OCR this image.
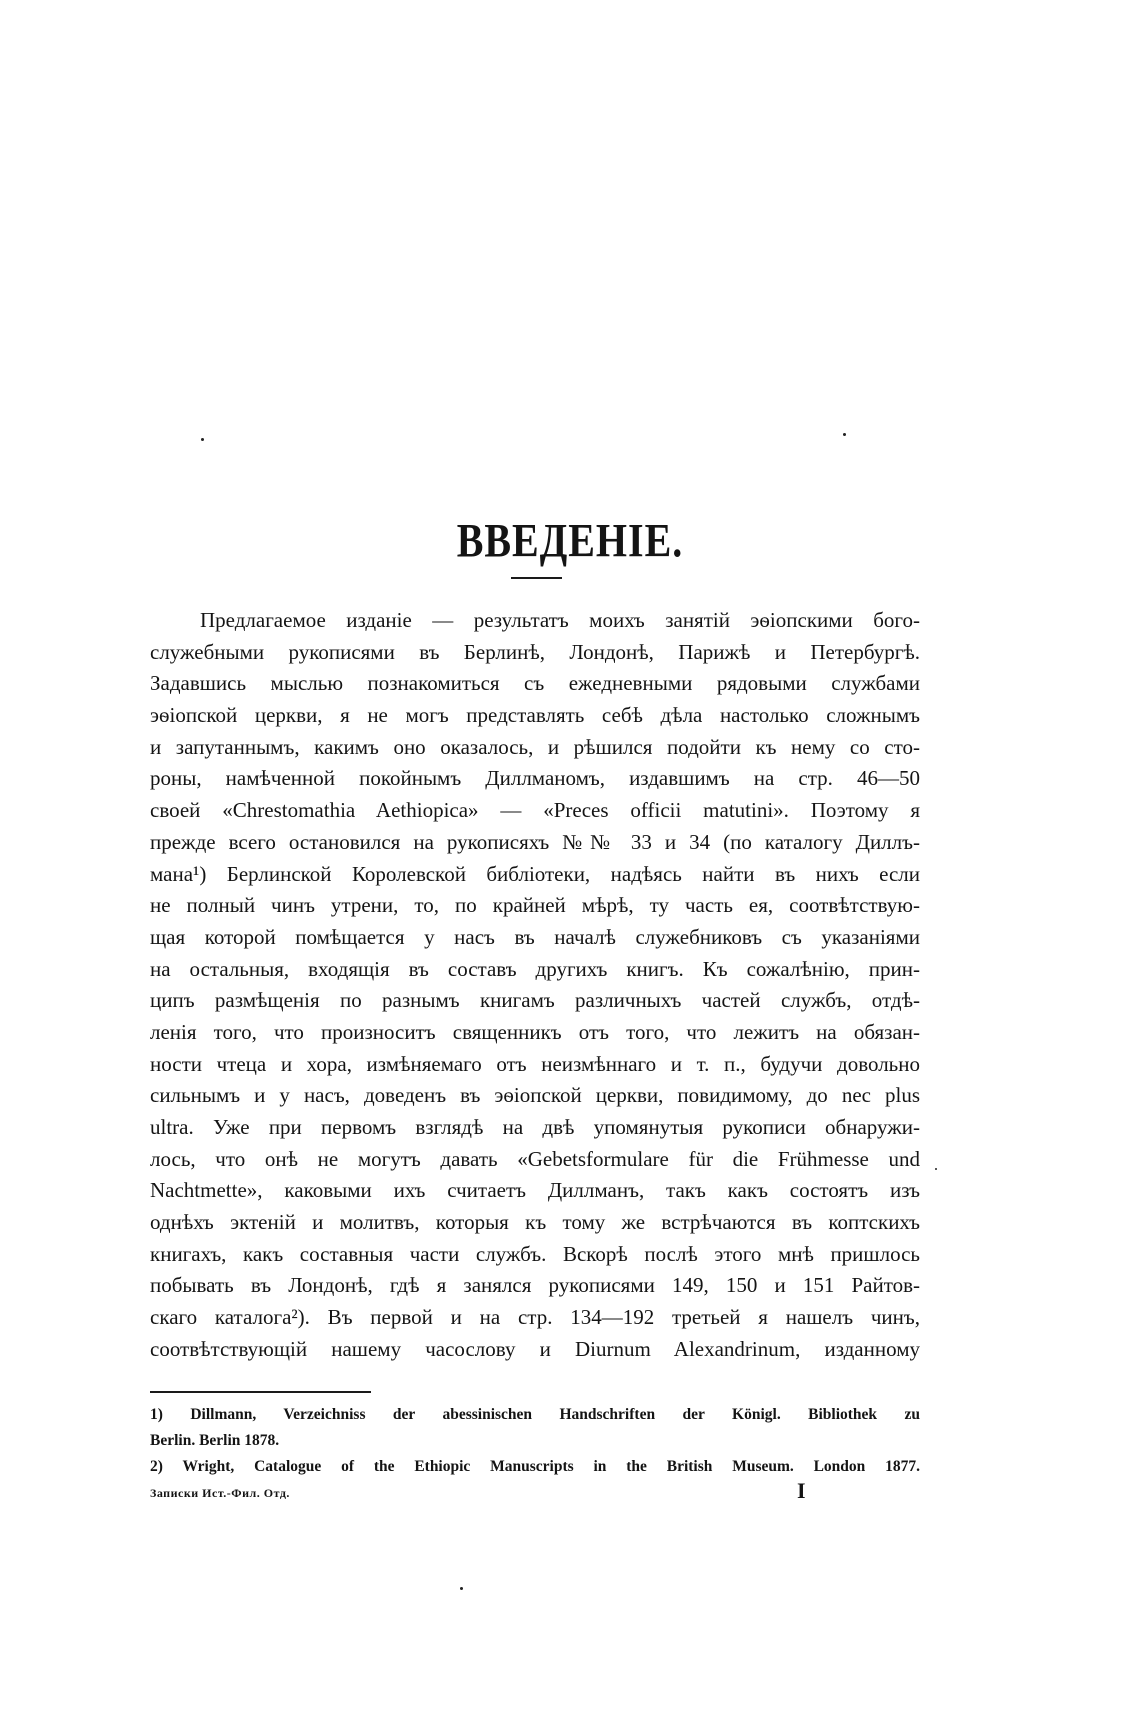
ВВЕДЕНІЕ.
Предлагаемое изданіе — результатъ моихъ занятій эѳіопскими бого-
служебными рукописями въ Берлинѣ, Лондонѣ, Парижѣ и Петербургѣ.
Задавшись мыслью познакомиться съ ежедневными рядовыми службами
эѳіопской церкви, я не могъ представлять себѣ дѣла настолько сложнымъ
и запутаннымъ, какимъ оно оказалось, и рѣшился подойти къ нему со сто-
роны, намѣченной покойнымъ Диллманомъ, издавшимъ на стр. 46—50
своей «Chrestomathia Aethiopica» — «Preces officii matutini». Поэтому я
прежде всего остановился на рукописяхъ №№ 33 и 34 (по каталогу Диллъ-
мана¹) Берлинской Королевской библіотеки, надѣясь найти въ нихъ если
не полный чинъ утрени, то, по крайней мѣрѣ, ту часть ея, соотвѣтствую-
щая которой помѣщается у насъ въ началѣ служебниковъ съ указаніями
на остальныя, входящія въ составъ другихъ книгъ. Къ сожалѣнію, прин-
ципъ размѣщенія по разнымъ книгамъ различныхъ частей службъ, отдѣ-
ленія того, что произноситъ священникъ отъ того, что лежитъ на обязан-
ности чтеца и хора, измѣняемаго отъ неизмѣннаго и т. п., будучи довольно
сильнымъ и у насъ, доведенъ въ эѳіопской церкви, повидимому, до nec plus
ultra. Уже при первомъ взглядѣ на двѣ упомянутыя рукописи обнаружи-
лось, что онѣ не могутъ давать «Gebetsformulare für die Frühmesse und
Nachtmette», каковыми ихъ считаетъ Диллманъ, такъ какъ состоятъ изъ
однѣхъ эктеній и молитвъ, которыя къ тому же встрѣчаются въ коптскихъ
книгахъ, какъ составныя части службъ. Вскорѣ послѣ этого мнѣ пришлось
побывать въ Лондонѣ, гдѣ я занялся рукописями 149, 150 и 151 Райтов-
скаго каталога²). Въ первой и на стр. 134—192 третьей я нашелъ чинъ,
соотвѣтствующій нашему часослову и Diurnum Alexandrinum, изданному
1) Dillmann, Verzeichniss der abessinischen Handschriften der Königl. Bibliothek zu
Berlin. Berlin 1878.
2) Wright, Catalogue of the Ethiopic Manuscripts in the British Museum. London 1877.
Записки Ист.-Фил. Отд.	I
